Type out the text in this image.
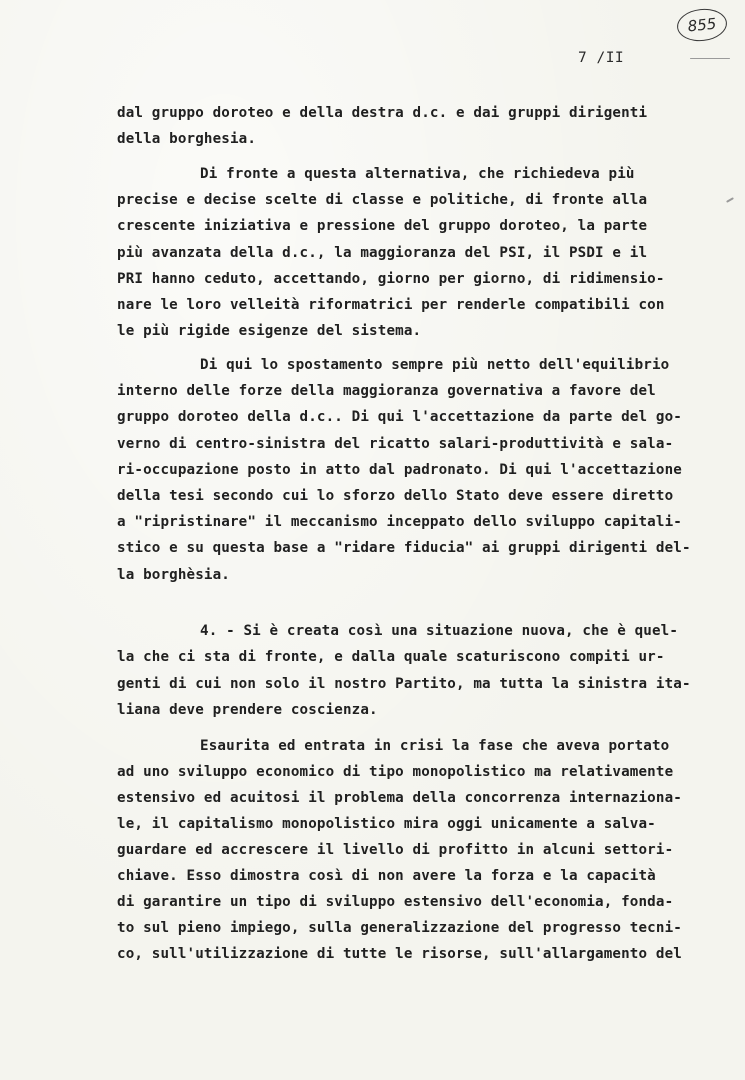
855
7 /II
dal gruppo doroteo e della destra d.c. e dai gruppi dirigenti
della borghesia.
Di fronte a questa alternativa, che richiedeva più
precise e decise scelte di classe e politiche, di fronte alla
crescente iniziativa e pressione del gruppo doroteo, la parte
più avanzata della d.c., la maggioranza del PSI, il PSDI e il
PRI hanno ceduto, accettando, giorno per giorno, di ridimensio-
nare le loro velleità riformatrici per renderle compatibili con
le più rigide esigenze del sistema.
Di qui lo spostamento sempre più netto dell'equilibrio
interno delle forze della maggioranza governativa a favore del
gruppo doroteo della d.c.. Di qui l'accettazione da parte del go-
verno di centro-sinistra del ricatto salari-produttività e sala-
ri-occupazione posto in atto dal padronato. Di qui l'accettazione
della tesi secondo cui lo sforzo dello Stato deve essere diretto
a "ripristinare" il meccanismo inceppato dello sviluppo capitali-
stico e su questa base a "ridare fiducia" ai gruppi dirigenti del-
la borghèsia.
4. - Si è creata così una situazione nuova, che è quel-
la che ci sta di fronte, e dalla quale scaturiscono compiti ur-
genti di cui non solo il nostro Partito, ma tutta la sinistra ita-
liana deve prendere coscienza.
Esaurita ed entrata in crisi la fase che aveva portato
ad uno sviluppo economico di tipo monopolistico ma relativamente
estensivo ed acuitosi il problema della concorrenza internaziona-
le, il capitalismo monopolistico mira oggi unicamente a salva-
guardare ed accrescere il livello di profitto in alcuni settori-
chiave. Esso dimostra così di non avere la forza e la capacità
di garantire un tipo di sviluppo estensivo dell'economia, fonda-
to sul pieno impiego, sulla generalizzazione del progresso tecni-
co, sull'utilizzazione di tutte le risorse, sull'allargamento del
